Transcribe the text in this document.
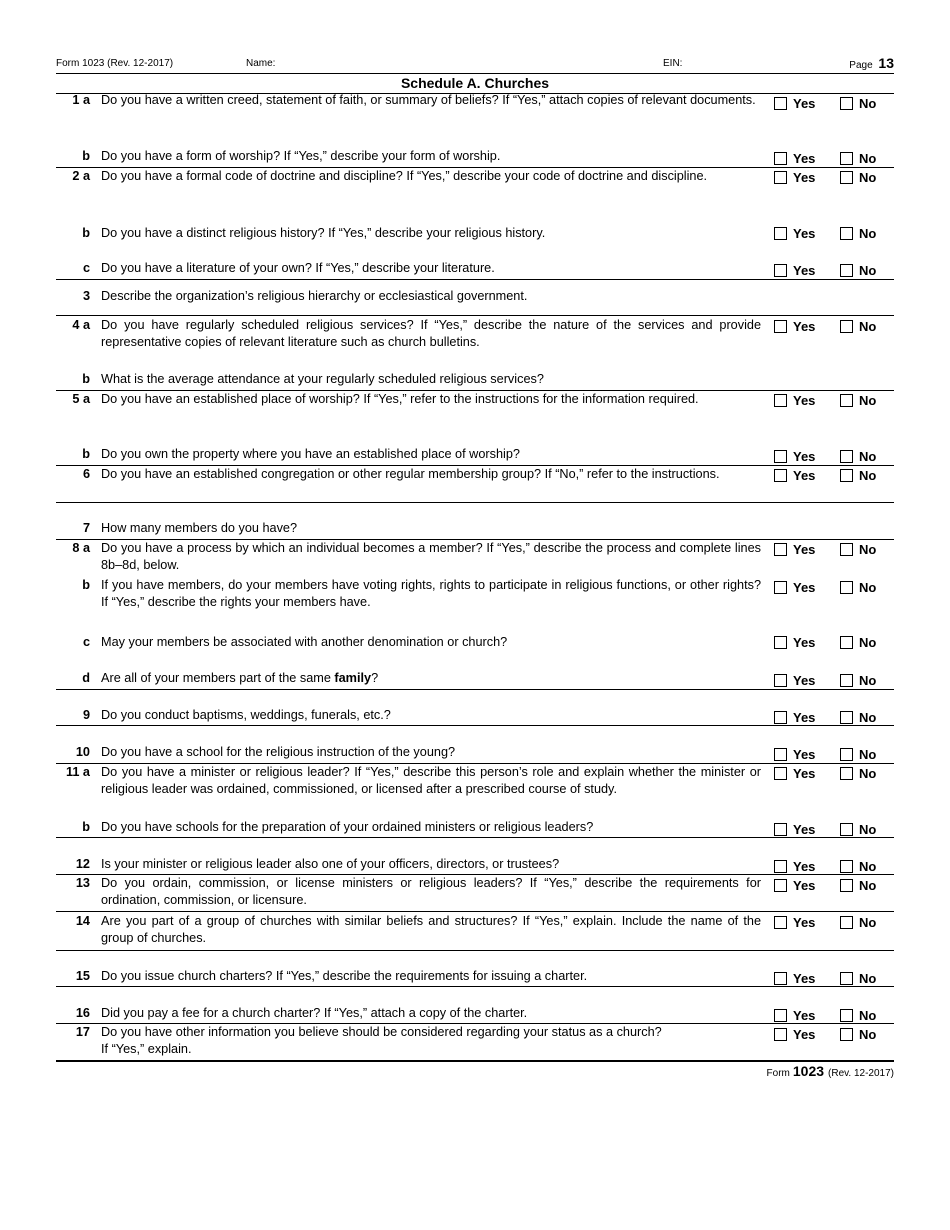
Form 1023 (Rev. 12-2017)	Name:	EIN:	Page 13
Schedule A. Churches
1 a Do you have a written creed, statement of faith, or summary of beliefs? If “Yes,” attach copies of relevant documents.	Yes	No
b Do you have a form of worship? If “Yes,” describe your form of worship.	Yes	No
2 a Do you have a formal code of doctrine and discipline? If “Yes,” describe your code of doctrine and discipline.	Yes	No
b Do you have a distinct religious history? If “Yes,” describe your religious history.	Yes	No
c Do you have a literature of your own? If “Yes,” describe your literature.	Yes	No
3 Describe the organization’s religious hierarchy or ecclesiastical government.
4 a Do you have regularly scheduled religious services? If “Yes,” describe the nature of the services and provide representative copies of relevant literature such as church bulletins.
Yes	No
b What is the average attendance at your regularly scheduled religious services?
5 a Do you have an established place of worship? If “Yes,” refer to the instructions for the information required.	Yes	No
b Do you own the property where you have an established place of worship?	Yes	No
6 Do you have an established congregation or other regular membership group? If “No,” refer to the instructions.	Yes	No
7 How many members do you have?
8 a Do you have a process by which an individual becomes a member? If “Yes,” describe the process and complete lines 8b–8d, below.
Yes	No
b If you have members, do your members have voting rights, rights to participate in religious functions, or other rights? If “Yes,” describe the rights your members have.
Yes	No
c May your members be associated with another denomination or church?	Yes	No
d Are all of your members part of the same family?	Yes	No
9 Do you conduct baptisms, weddings, funerals, etc.?	Yes	No
10 Do you have a school for the religious instruction of the young?	Yes	No
11 a Do you have a minister or religious leader? If “Yes,” describe this person’s role and explain whether the minister or religious leader was ordained, commissioned, or licensed after a prescribed course of study.
Yes	No
b Do you have schools for the preparation of your ordained ministers or religious leaders?	Yes	No
12 Is your minister or religious leader also one of your officers, directors, or trustees?	Yes	No
13 Do you ordain, commission, or license ministers or religious leaders? If “Yes,” describe the requirements for ordination, commission, or licensure.
Yes	No
14 Are you part of a group of churches with similar beliefs and structures? If “Yes,” explain. Include the name of the group of churches.
Yes	No
15 Do you issue church charters? If “Yes,” describe the requirements for issuing a charter.	Yes	No
16 Did you pay a fee for a church charter? If “Yes,” attach a copy of the charter.	Yes	No
17 Do you have other information you believe should be considered regarding your status as a church?
If “Yes,” explain.
Yes	No
Form 1023 (Rev. 12-2017)
